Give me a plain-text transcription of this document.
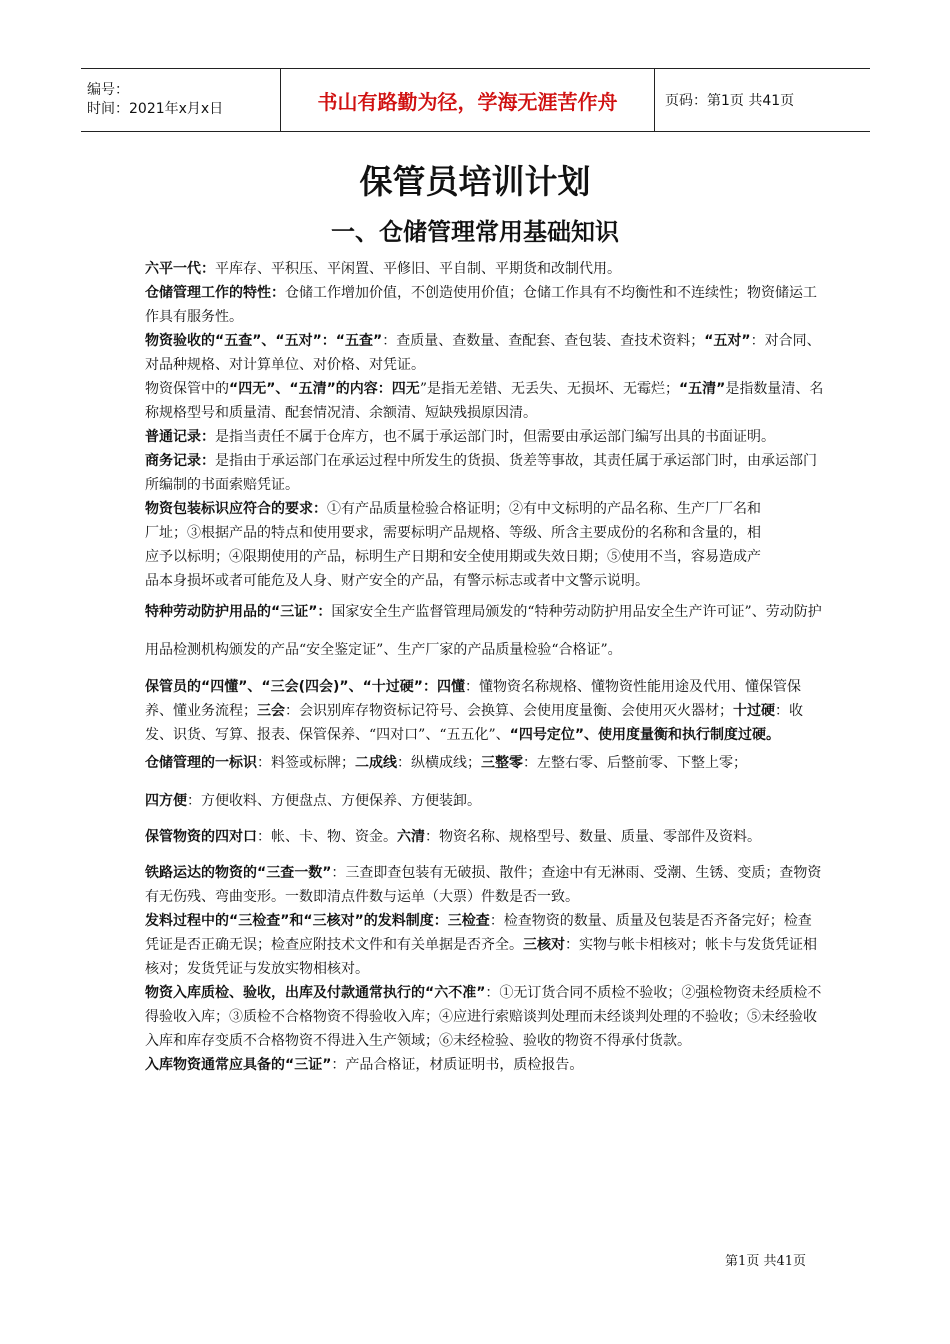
编号：
时间：2021年x月x日	书山有路勤为径，学海无涯苦作舟	页码：第1页 共41页
保管员培训计划
一、仓储管理常用基础知识

六平一代：平库存、平积压、平闲置、平修旧、平自制、平期货和改制代用。

仓储管理工作的特性：仓储工作增加价值，不创造使用价值；仓储工作具有不均衡性和不连续性；物资储运工作具有服务性。

物资验收的“五查”、“五对”：“五查”：查质量、查数量、查配套、查包装、查技术资料；“五对”：对合同、对品种规格、对计算单位、对价格、对凭证。

物资保管中的“四无”、“五清”的内容：四无”是指无差错、无丢失、无损坏、无霉烂；“五清”是指数量清、名称规格型号和质量清、配套情况清、余额清、短缺残损原因清。

普通记录：是指当责任不属于仓库方，也不属于承运部门时，但需要由承运部门编写出具的书面证明。

商务记录：是指由于承运部门在承运过程中所发生的货损、货差等事故，其责任属于承运部门时，由承运部门所编制的书面索赔凭证。

物资包装标识应符合的要求：①有产品质量检验合格证明；②有中文标明的产品名称、生产厂厂名和厂址；③根据产品的特点和使用要求，需要标明产品规格、等级、所含主要成份的名称和含量的，相应予以标明；④限期使用的产品，标明生产日期和安全使用期或失效日期；⑤使用不当，容易造成产品本身损坏或者可能危及人身、财产安全的产品，有警示标志或者中文警示说明。

特种劳动防护用品的“三证”：国家安全生产监督管理局颁发的“特种劳动防护用品安全生产许可证”、劳动防护用品检测机构颁发的产品“安全鉴定证”、生产厂家的产品质量检验“合格证”。

保管员的“四懂”、“三会(四会)”、“十过硬”：四懂：懂物资名称规格、懂物资性能用途及代用、懂保管保养、懂业务流程；三会：会识别库存物资标记符号、会换算、会使用度量衡、会使用灭火器材；十过硬：收发、识货、写算、报表、保管保养、“四对口”、“五五化”、“四号定位”、使用度量衡和执行制度过硬。

仓储管理的一标识：料签或标牌；二成线：纵横成线；三整零：左整右零、后整前零、下整上零；

四方便：方便收料、方便盘点、方便保养、方便装卸。

保管物资的四对口：帐、卡、物、资金。六清：物资名称、规格型号、数量、质量、零部件及资料。

铁路运达的物资的“三查一数”：三查即查包装有无破损、散件；查途中有无淋雨、受潮、生锈、变质；查物资有无伤残、弯曲变形。一数即清点件数与运单（大票）件数是否一致。

发料过程中的“三检查”和“三核对”的发料制度：三检查：检查物资的数量、质量及包装是否齐备完好；检查凭证是否正确无误；检查应附技术文件和有关单据是否齐全。三核对：实物与帐卡相核对；帐卡与发货凭证相核对；发货凭证与发放实物相核对。

物资入库质检、验收，出库及付款通常执行的“六不准”：①无订货合同不质检不验收；②强检物资未经质检不得验收入库；③质检不合格物资不得验收入库；④应进行索赔谈判处理而未经谈判处理的不验收；⑤未经验收入库和库存变质不合格物资不得进入生产领域；⑥未经检验、验收的物资不得承付货款。

入库物资通常应具备的“三证”：产品合格证，材质证明书，质检报告。

第1页 共41页
